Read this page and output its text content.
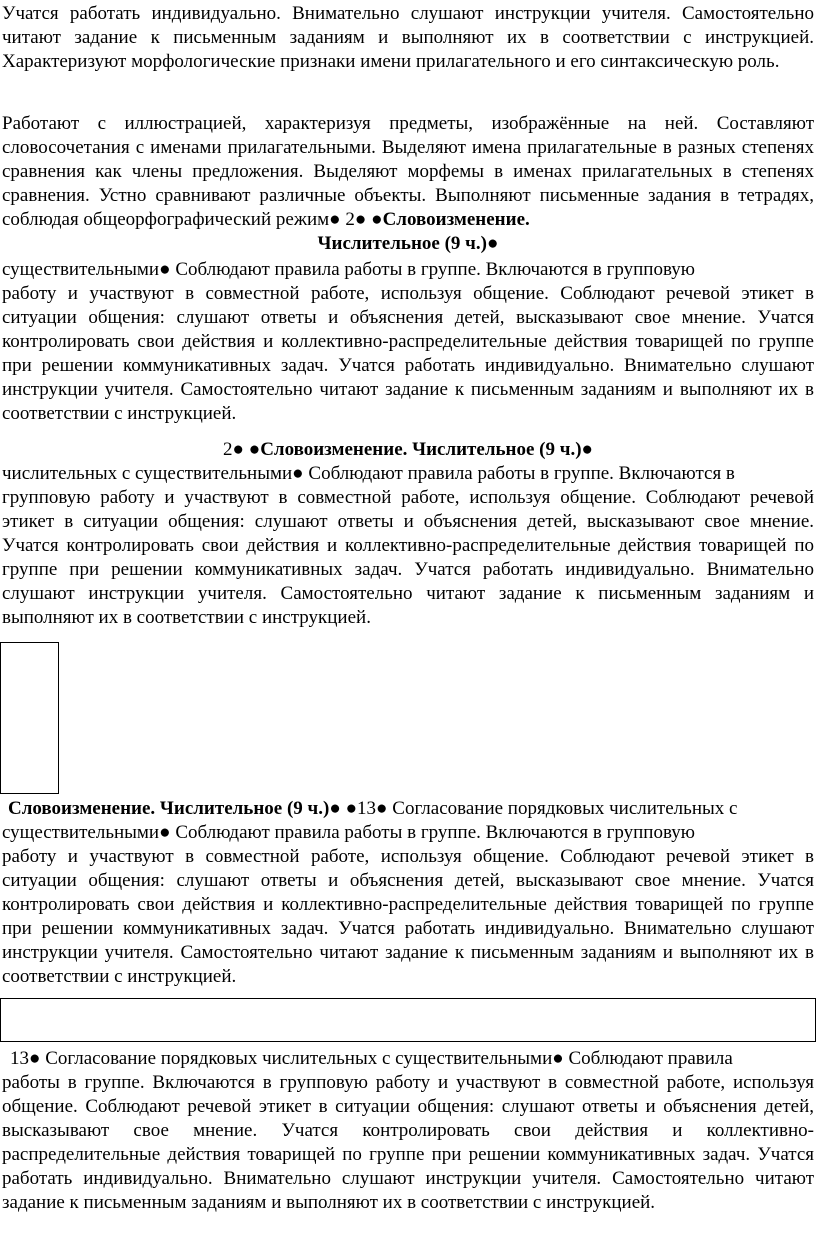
Учатся работать индивидуально. Внимательно слушают инструкции учителя. Самостоятельно читают задание к письменным заданиям и выполняют их в соответствии с инструкцией. Характеризуют морфологические признаки имени прилагательного и его синтаксическую роль.

Работают с иллюстрацией, характеризуя предметы, изображённые на ней. Составляют словосочетания с именами прилагательными. Выделяют имена прилагательные в разных степенях сравнения как члены предложения. Выделяют морфемы в именах прилагательных в степенях сравнения. Устно сравнивают различные объекты. Выполняют письменные задания в тетрадях, соблюдая общеорфографический режим● 2● ●Словоизменение.

Числительное (9 ч.)●

существительными● Соблюдают правила работы в группе. Включаются в групповую

работу и участвуют в совместной работе, используя общение. Соблюдают речевой этикет в ситуации общения: слушают ответы и объяснения детей, высказывают свое мнение. Учатся контролировать свои действия и коллективно-распределительные действия товарищей по группе при решении коммуникативных задач. Учатся работать индивидуально. Внимательно слушают инструкции учителя. Самостоятельно читают задание к письменным заданиям и выполняют их в соответствии с инструкцией.

2● ●Словоизменение. Числительное (9 ч.)●

числительных с существительными● Соблюдают правила работы в группе. Включаются в

групповую работу и участвуют в совместной работе, используя общение. Соблюдают речевой этикет в ситуации общения: слушают ответы и объяснения детей, высказывают свое мнение. Учатся контролировать свои действия и коллективно-распределительные действия товарищей по группе при решении коммуникативных задач. Учатся работать индивидуально. Внимательно слушают инструкции учителя. Самостоятельно читают задание к письменным заданиям и выполняют их в соответствии с инструкцией.

Словоизменение. Числительное (9 ч.)● ●13● Согласование порядковых числительных с

существительными● Соблюдают правила работы в группе. Включаются в групповую

работу и участвуют в совместной работе, используя общение. Соблюдают речевой этикет в ситуации общения: слушают ответы и объяснения детей, высказывают свое мнение. Учатся контролировать свои действия и коллективно-распределительные действия товарищей по группе при решении коммуникативных задач. Учатся работать индивидуально. Внимательно слушают инструкции учителя. Самостоятельно читают задание к письменным заданиям и выполняют их в соответствии с инструкцией.

13● Согласование порядковых числительных с существительными● Соблюдают правила

работы в группе. Включаются в групповую работу и участвуют в совместной работе, используя общение. Соблюдают речевой этикет в ситуации общения: слушают ответы и объяснения детей, высказывают свое мнение. Учатся контролировать свои действия и коллективно-распределительные действия товарищей по группе при решении коммуникативных задач. Учатся работать индивидуально. Внимательно слушают инструкции учителя. Самостоятельно читают задание к письменным заданиям и выполняют их в соответствии с инструкцией.
